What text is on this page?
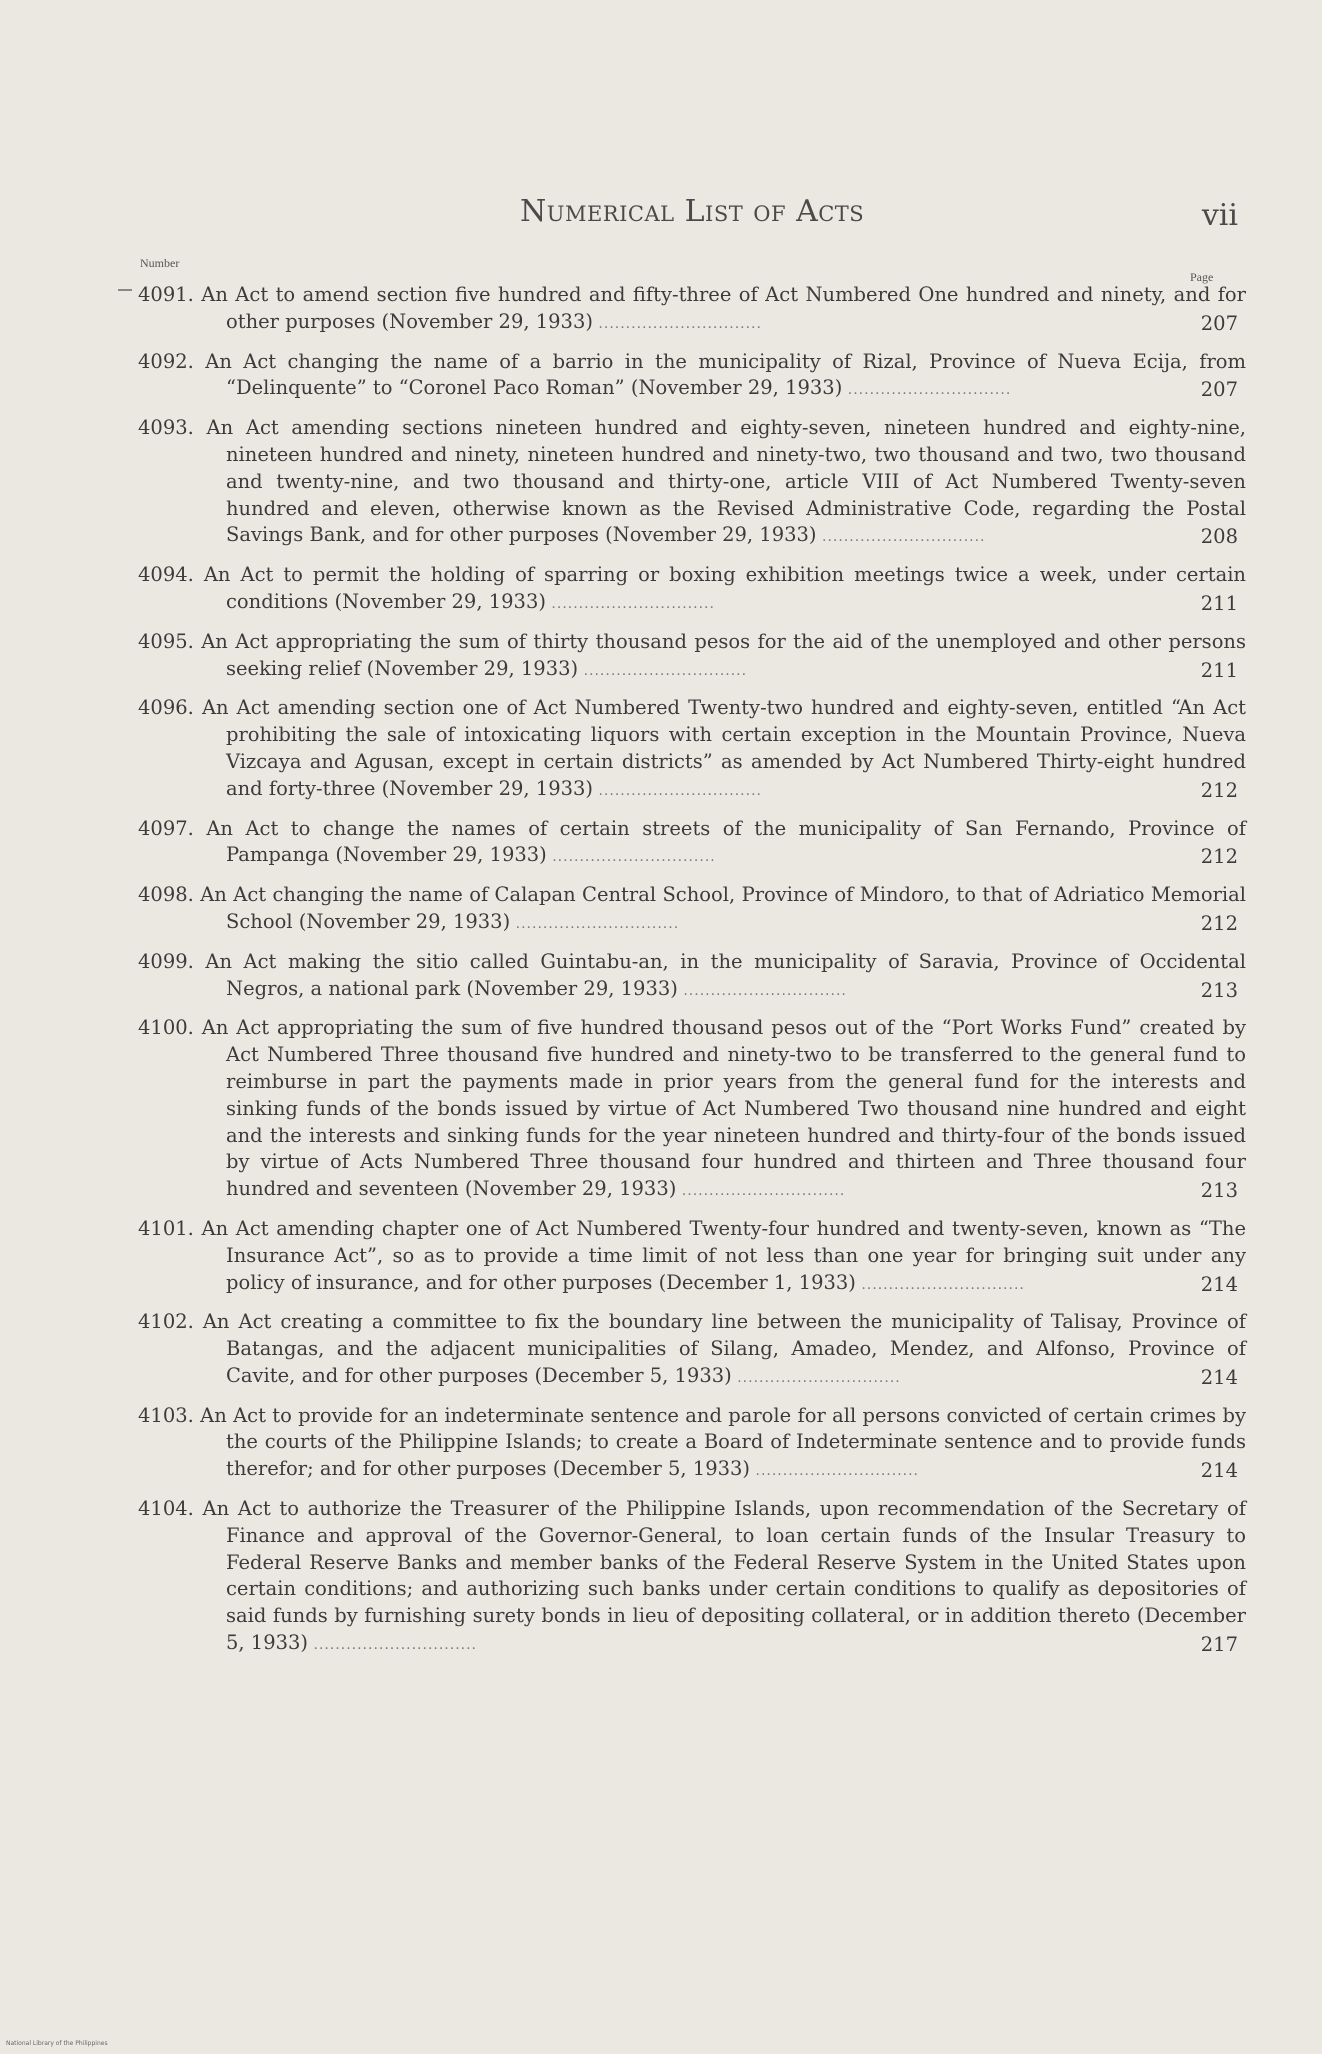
Numerical List of Acts	vii
Number
Page
4091. An Act to amend section five hundred and fifty-three of Act Numbered One hundred and ninety, and for other purposes (November 29, 1933) ..............................	207
4092. An Act changing the name of a barrio in the municipality of Rizal, Province of Nueva Ecija, from “Delinquente” to “Coronel Paco Roman” (November 29, 1933) ..............................	207
4093. An Act amending sections nineteen hundred and eighty-seven, nineteen hundred and eighty-nine, nineteen hundred and ninety, nineteen hundred and ninety-two, two thousand and two, two thousand and twenty-nine, and two thousand and thirty-one, article VIII of Act Numbered Twenty-seven hundred and eleven, otherwise known as the Revised Administrative Code, regarding the Postal Savings Bank, and for other purposes (November 29, 1933) ..............................	208
4094. An Act to permit the holding of sparring or boxing exhibition meetings twice a week, under certain conditions (November 29, 1933) ..............................	211
4095. An Act appropriating the sum of thirty thousand pesos for the aid of the unemployed and other persons seeking relief (November 29, 1933) ..............................	211
4096. An Act amending section one of Act Numbered Twenty-two hundred and eighty-seven, entitled “An Act prohibiting the sale of intoxicating liquors with certain exception in the Mountain Province, Nueva Vizcaya and Agusan, except in certain districts” as amended by Act Numbered Thirty-eight hundred and forty-three (November 29, 1933) ..............................	212
4097. An Act to change the names of certain streets of the municipality of San Fernando, Province of Pampanga (November 29, 1933) ..............................	212
4098. An Act changing the name of Calapan Central School, Province of Mindoro, to that of Adriatico Memorial School (November 29, 1933) ..............................	212
4099. An Act making the sitio called Guintabu-an, in the municipality of Saravia, Province of Occidental Negros, a national park (November 29, 1933) ..............................	213
4100. An Act appropriating the sum of five hundred thousand pesos out of the “Port Works Fund” created by Act Numbered Three thousand five hundred and ninety-two to be transferred to the general fund to reimburse in part the payments made in prior years from the general fund for the interests and sinking funds of the bonds issued by virtue of Act Numbered Two thousand nine hundred and eight and the interests and sinking funds for the year nineteen hundred and thirty-four of the bonds issued by virtue of Acts Numbered Three thousand four hundred and thirteen and Three thousand four hundred and seventeen (November 29, 1933) ..............................	213
4101. An Act amending chapter one of Act Numbered Twenty-four hundred and twenty-seven, known as “The Insurance Act”, so as to provide a time limit of not less than one year for bringing suit under any policy of insurance, and for other purposes (December 1, 1933) ..............................	214
4102. An Act creating a committee to fix the boundary line between the municipality of Talisay, Province of Batangas, and the adjacent municipalities of Silang, Amadeo, Mendez, and Alfonso, Province of Cavite, and for other purposes (December 5, 1933) ..............................	214
4103. An Act to provide for an indeterminate sentence and parole for all persons convicted of certain crimes by the courts of the Philippine Islands; to create a Board of Indeterminate sentence and to provide funds therefor; and for other purposes (December 5, 1933) ..............................	214
4104. An Act to authorize the Treasurer of the Philippine Islands, upon recommendation of the Secretary of Finance and approval of the Governor-General, to loan certain funds of the Insular Treasury to Federal Reserve Banks and member banks of the Federal Reserve System in the United States upon certain conditions; and authorizing such banks under certain conditions to qualify as depositories of said funds by furnishing surety bonds in lieu of depositing collateral, or in addition thereto (December 5, 1933) ..............................	217
National Library of the Philippines
